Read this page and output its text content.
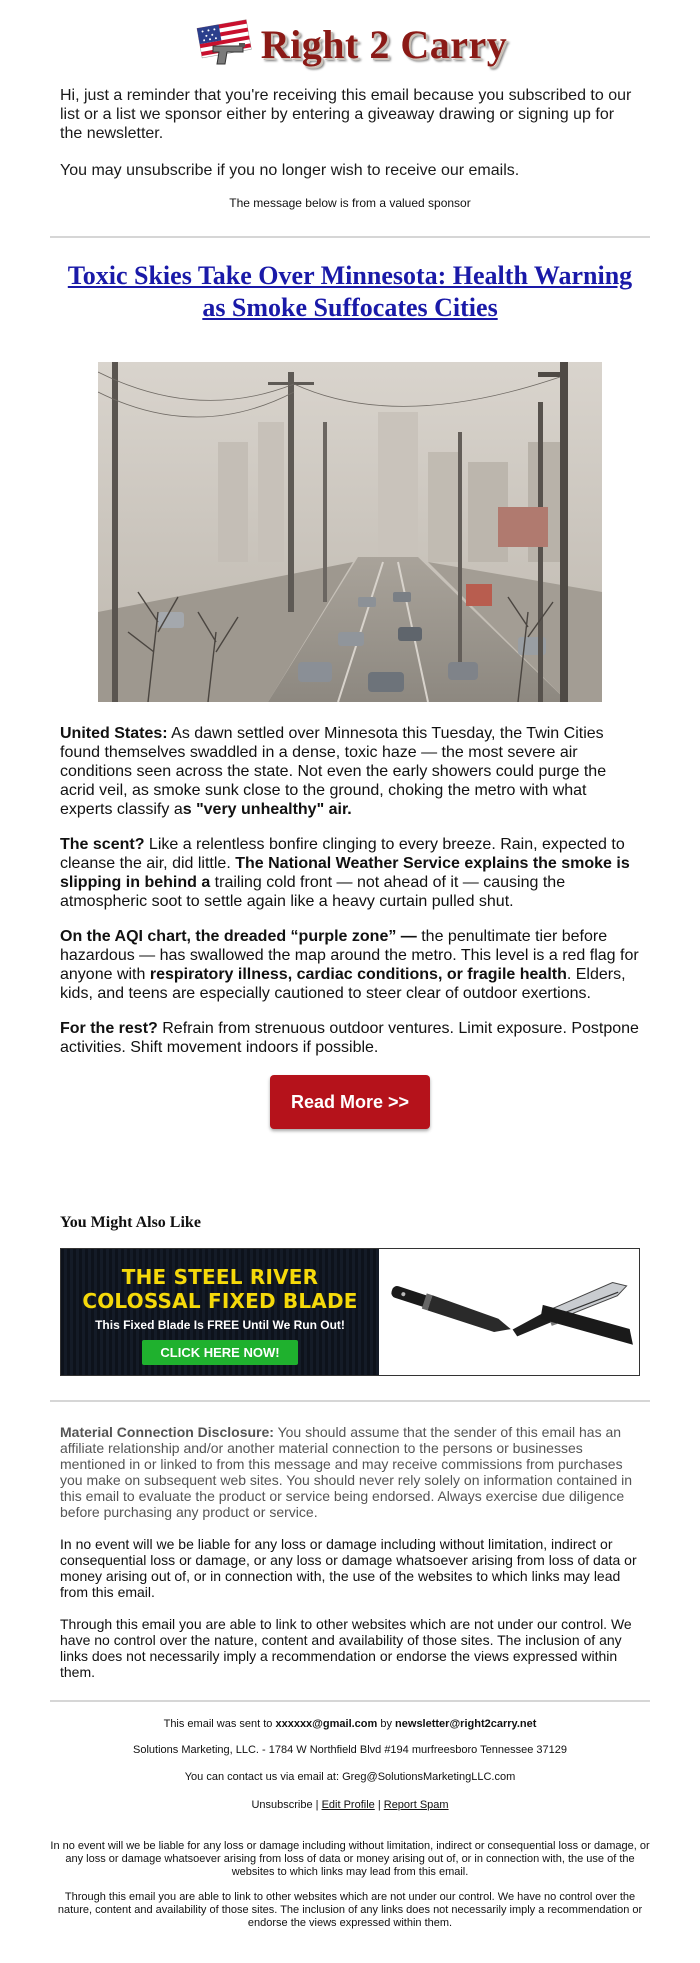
Right 2 Carry

Hi, just a reminder that you're receiving this email because you subscribed to our list or a list we sponsor either by entering a giveaway drawing or signing up for the newsletter.

You may unsubscribe if you no longer wish to receive our emails.

The message below is from a valued sponsor

Toxic Skies Take Over Minnesota: Health Warning as Smoke Suffocates Cities

United States: As dawn settled over Minnesota this Tuesday, the Twin Cities found themselves swaddled in a dense, toxic haze — the most severe air conditions seen across the state. Not even the early showers could purge the acrid veil, as smoke sunk close to the ground, choking the metro with what experts classify as "very unhealthy" air.

The scent? Like a relentless bonfire clinging to every breeze. Rain, expected to cleanse the air, did little. The National Weather Service explains the smoke is slipping in behind a trailing cold front — not ahead of it — causing the atmospheric soot to settle again like a heavy curtain pulled shut.

On the AQI chart, the dreaded “purple zone” — the penultimate tier before hazardous — has swallowed the map around the metro. This level is a red flag for anyone with respiratory illness, cardiac conditions, or fragile health. Elders, kids, and teens are especially cautioned to steer clear of outdoor exertions.

For the rest? Refrain from strenuous outdoor ventures. Limit exposure. Postpone activities. Shift movement indoors if possible.

Read More >>
You Might Also Like
THE STEEL RIVER
COLOSSAL FIXED BLADE
This Fixed Blade Is FREE Until We Run Out!
CLICK HERE NOW!

Material Connection Disclosure: You should assume that the sender of this email has an affiliate relationship and/or another material connection to the persons or businesses mentioned in or linked to from this message and may receive commissions from purchases you make on subsequent web sites. You should never rely solely on information contained in this email to evaluate the product or service being endorsed. Always exercise due diligence before purchasing any product or service.

In no event will we be liable for any loss or damage including without limitation, indirect or consequential loss or damage, or any loss or damage whatsoever arising from loss of data or money arising out of, or in connection with, the use of the websites to which links may lead from this email.

Through this email you are able to link to other websites which are not under our control. We have no control over the nature, content and availability of those sites. The inclusion of any links does not necessarily imply a recommendation or endorse the views expressed within them.

This email was sent to xxxxxx@gmail.com by newsletter@right2carry.net

Solutions Marketing, LLC. - 1784 W Northfield Blvd #194 murfreesboro Tennessee 37129

You can contact us via email at: Greg@SolutionsMarketingLLC.com

Unsubscribe | Edit Profile | Report Spam

In no event will we be liable for any loss or damage including without limitation, indirect or consequential loss or damage, or any loss or damage whatsoever arising from loss of data or money arising out of, or in connection with, the use of the websites to which links may lead from this email.

Through this email you are able to link to other websites which are not under our control. We have no control over the nature, content and availability of those sites. The inclusion of any links does not necessarily imply a recommendation or endorse the views expressed within them.
